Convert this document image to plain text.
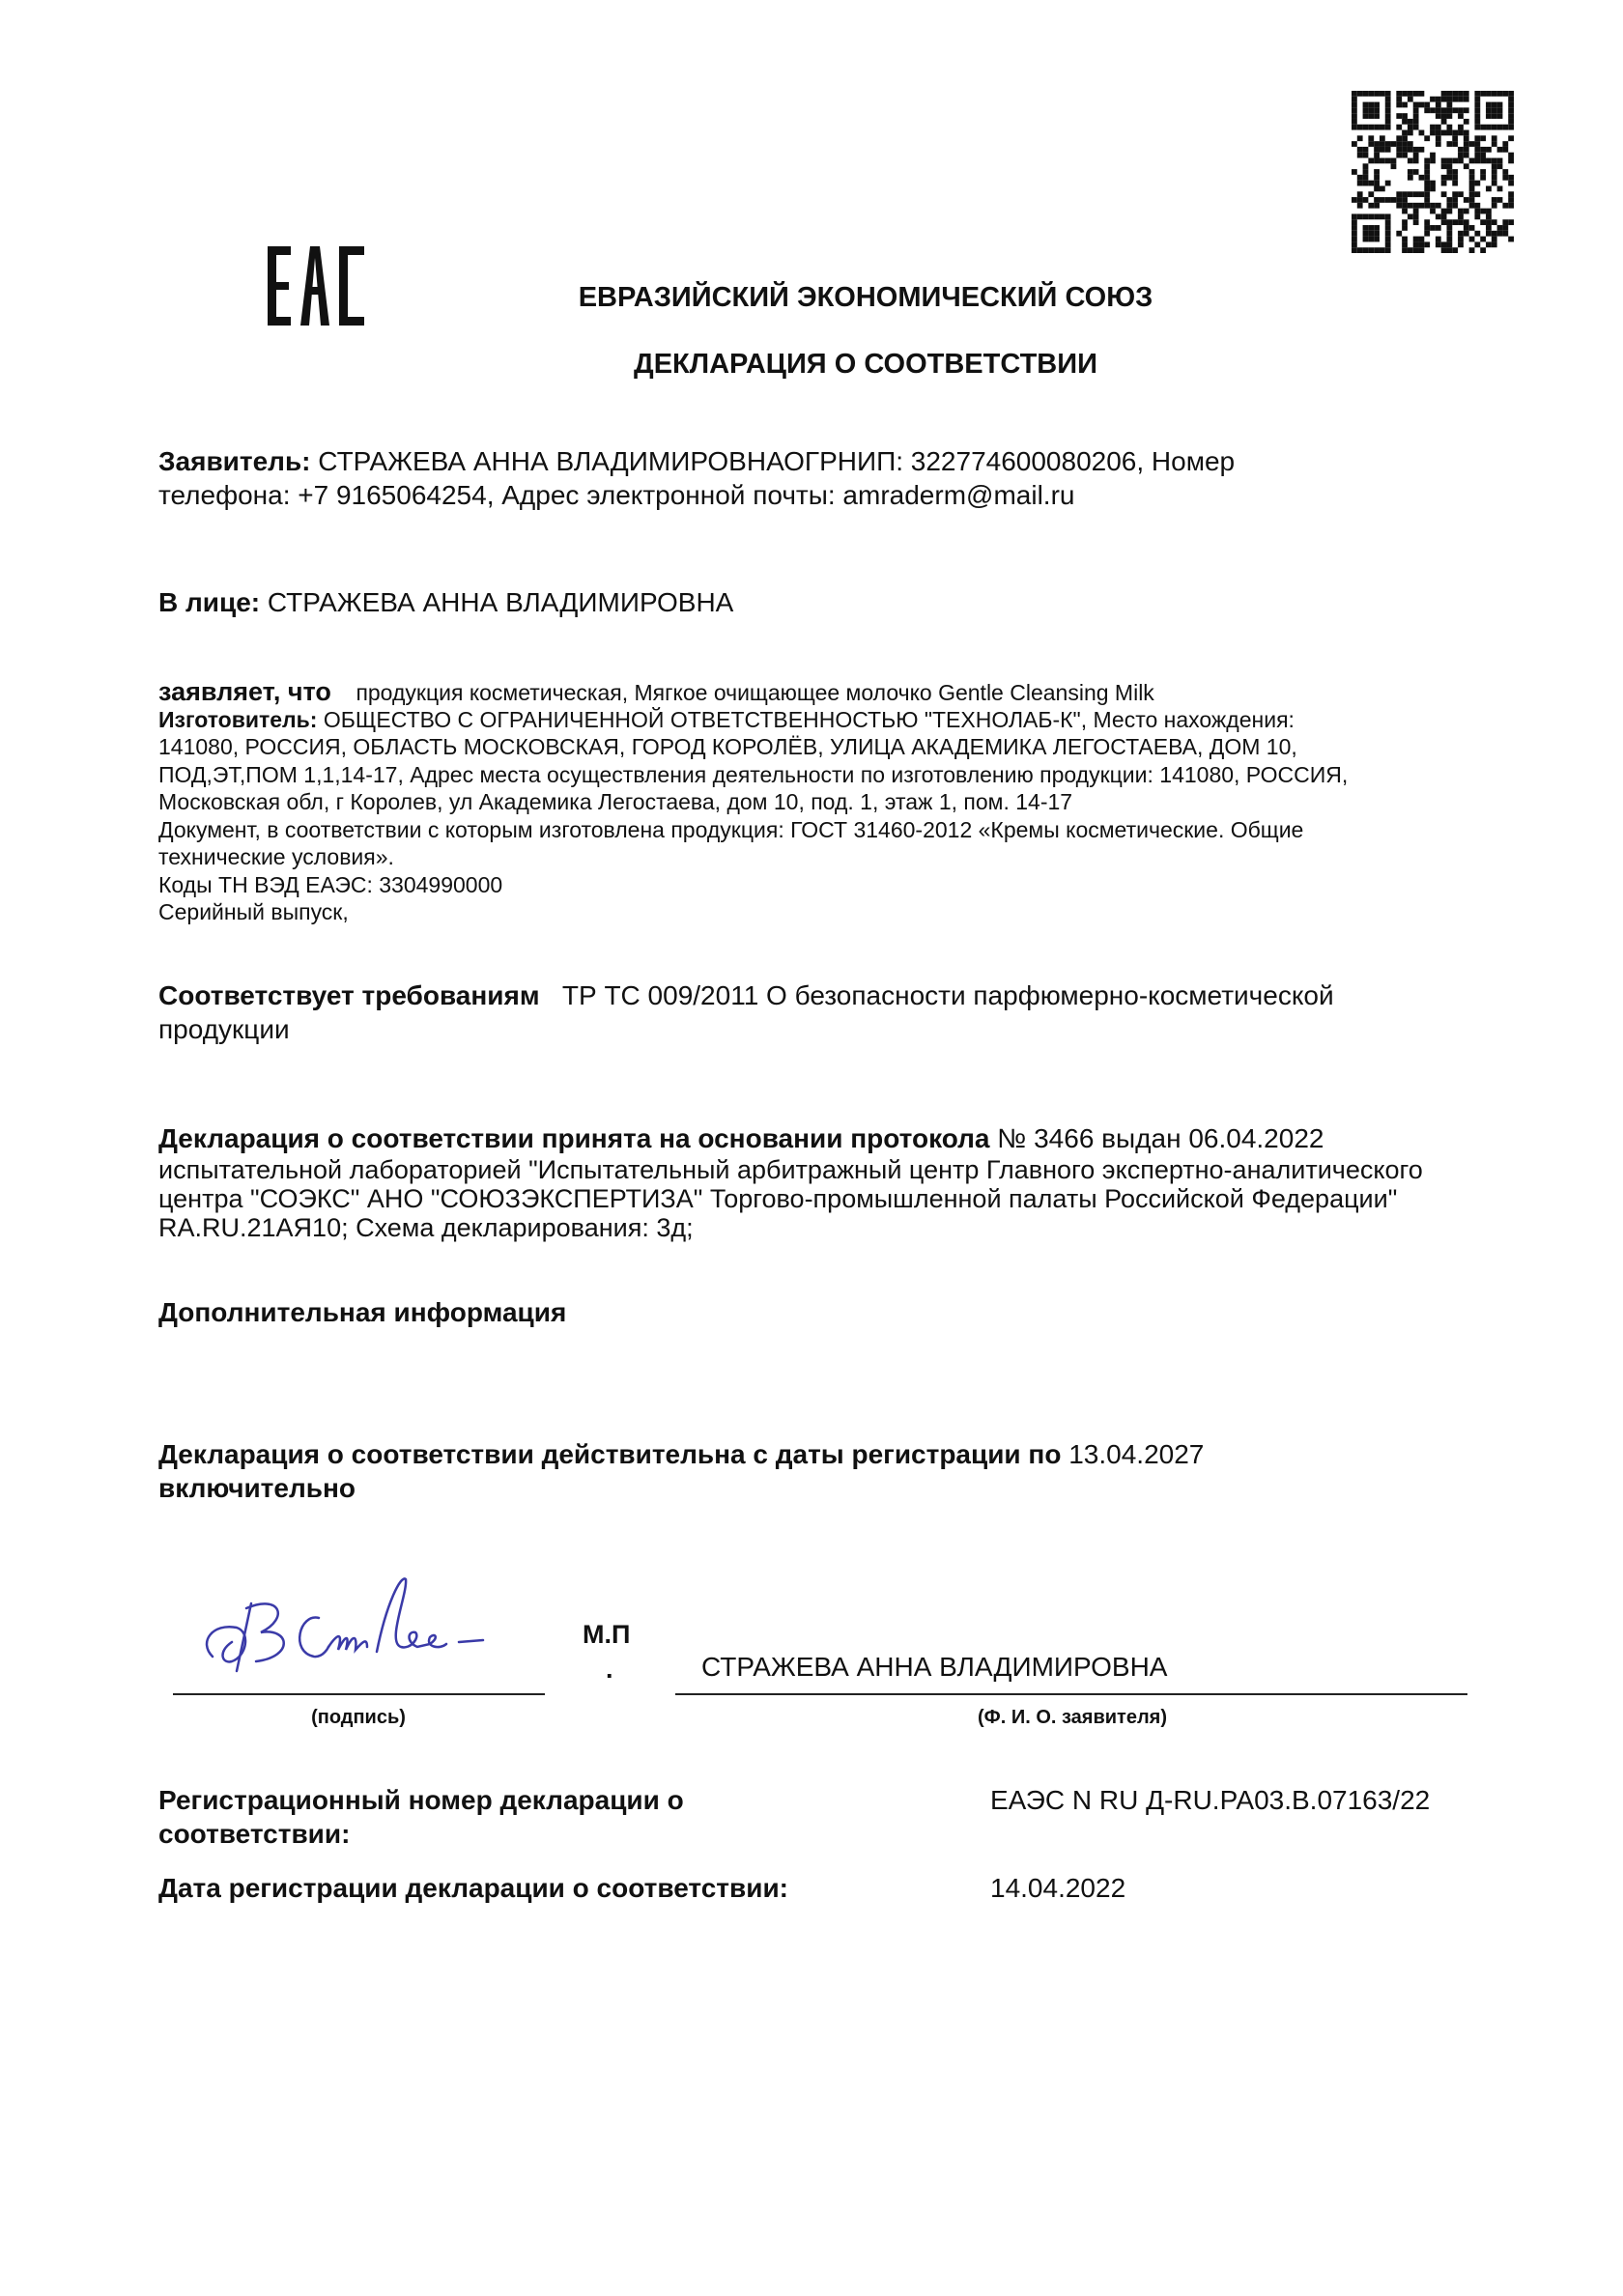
ЕВРАЗИЙСКИЙ ЭКОНОМИЧЕСКИЙ СОЮЗ
ДЕКЛАРАЦИЯ О СООТВЕТСТВИИ
Заявитель: СТРАЖЕВА АННА ВЛАДИМИРОВНАОГРНИП: 322774600080206, Номер
телефона: +7 9165064254, Адрес электронной почты: amraderm@mail.ru
В лице: СТРАЖЕВА АННА ВЛАДИМИРОВНА
заявляет, что продукция косметическая, Мягкое очищающее молочко Gentle Cleansing Milk
Изготовитель: ОБЩЕСТВО С ОГРАНИЧЕННОЙ ОТВЕТСТВЕННОСТЬЮ "ТЕХНОЛАБ-К", Место нахождения:
141080, РОССИЯ, ОБЛАСТЬ МОСКОВСКАЯ, ГОРОД КОРОЛЁВ, УЛИЦА АКАДЕМИКА ЛЕГОСТАЕВА, ДОМ 10,
ПОД,ЭТ,ПОМ 1,1,14-17, Адрес места осуществления деятельности по изготовлению продукции: 141080, РОССИЯ,
Московская обл, г Королев, ул Академика Легостаева, дом 10, под. 1, этаж 1, пом. 14-17
Документ, в соответствии с которым изготовлена продукция: ГОСТ 31460-2012 «Кремы косметические. Общие
технические условия».
Коды ТН ВЭД ЕАЭС: 3304990000
Серийный выпуск,
Соответствует требованиям ТР ТС 009/2011 О безопасности парфюмерно-косметической
продукции
Декларация о соответствии принята на основании протокола № 3466 выдан 06.04.2022
испытательной лабораторией "Испытательный арбитражный центр Главного экспертно-аналитического
центра "СОЭКС" АНО "СОЮЗЭКСПЕРТИЗА" Торгово-промышленной палаты Российской Федерации"
RA.RU.21АЯ10; Схема декларирования: 3д;
Дополнительная информация
Декларация о соответствии действительна с даты регистрации по 13.04.2027
включительно
(подпись)
М.П
.	СТРАЖЕВА АННА ВЛАДИМИРОВНА
(Ф. И. О. заявителя)
Регистрационный номер декларации о
соответствии:
ЕАЭС N RU Д-RU.РА03.В.07163/22
Дата регистрации декларации о соответствии:	14.04.2022
